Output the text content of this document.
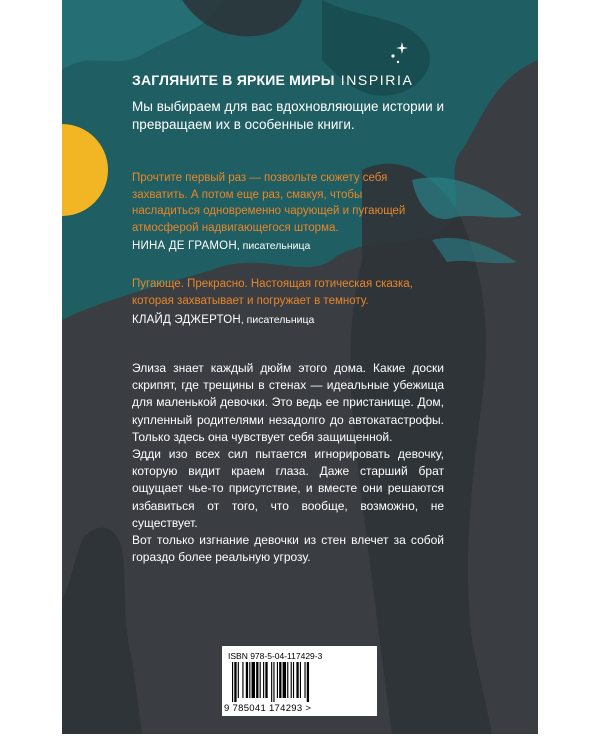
ЗАГЛЯНИТЕ В ЯРКИЕ МИРЫ INSPIRIA
Мы выбираем для вас вдохновляющие истории и превращаем их в особенные книги.
Прочтите первый раз — позвольте сюжету себя захватить. А потом еще раз, смакуя, чтобы насладиться одновременно чарующей и пугающей атмосферой надвигающегося шторма.
НИНА ДЕ ГРАМОН, писательница
Пугающе. Прекрасно. Настоящая готическая сказка, которая захватывает и погружает в темноту.
КЛАЙД ЭДЖЕРТОН, писательница

Элиза знает каждый дюйм этого дома. Какие доски скрипят, где трещины в стенах — идеальные убежища для маленькой девочки. Это ведь ее пристанище. Дом, купленный родителями незадолго до автокатастрофы. Только здесь она чувствует себя защищенной.

Эдди изо всех сил пытается игнорировать девочку, которую видит краем глаза. Даже старший брат ощущает чье-то присутствие, и вместе они решаются избавиться от того, что вообще, возможно, не существует.

Вот только изгнание девочки из стен влечет за собой гораздо более реальную угрозу.

ISBN 978-5-04-117429-3
9 785041 174293 >
